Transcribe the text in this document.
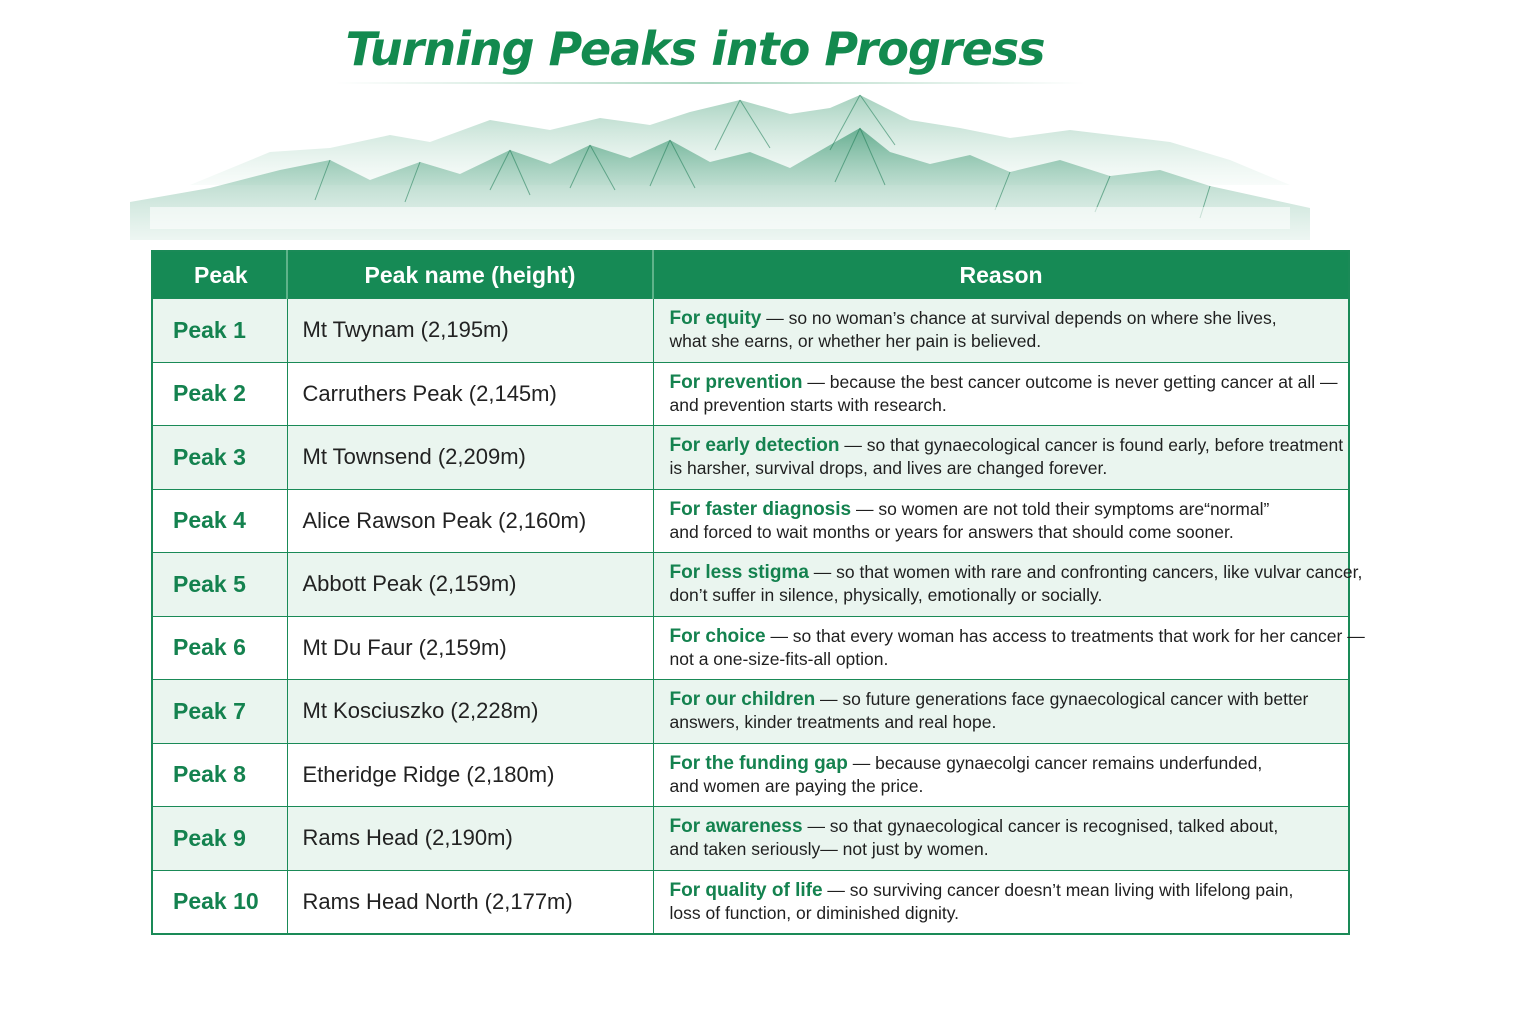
Turning Peaks into Progress
Peak	Peak name (height)	Reason
Peak 1	Mt Twynam (2,195m)	For equity — so no woman’s chance at survival depends on where she lives,
what she earns, or whether her pain is believed.

Peak 2	Carruthers Peak (2,145m)	For prevention — because the best cancer outcome is never getting cancer at all —
and prevention starts with research.

Peak 3	Mt Townsend (2,209m)	For early detection — so that gynaecological cancer is found early, before treatment
is harsher, survival drops, and lives are changed forever.

Peak 4	Alice Rawson Peak (2,160m)	For faster diagnosis — so women are not told their symptoms are“normal”
and forced to wait months or years for answers that should come sooner.

Peak 5	Abbott Peak (2,159m)	For less stigma — so that women with rare and confronting cancers, like vulvar cancer,
don’t suffer in silence, physically, emotionally or socially.

Peak 6	Mt Du Faur (2,159m)	For choice — so that every woman has access to treatments that work for her cancer —
not a one-size-fits-all option.

Peak 7	Mt Kosciuszko (2,228m)	For our children — so future generations face gynaecological cancer with better
answers, kinder treatments and real hope.

Peak 8	Etheridge Ridge (2,180m)	For the funding gap — because gynaecolgi cancer remains underfunded,
and women are paying the price.

Peak 9	Rams Head (2,190m)	For awareness — so that gynaecological cancer is recognised, talked about,
and taken seriously— not just by women.

Peak 10	Rams Head North (2,177m)	For quality of life — so surviving cancer doesn’t mean living with lifelong pain,
loss of function, or diminished dignity.
